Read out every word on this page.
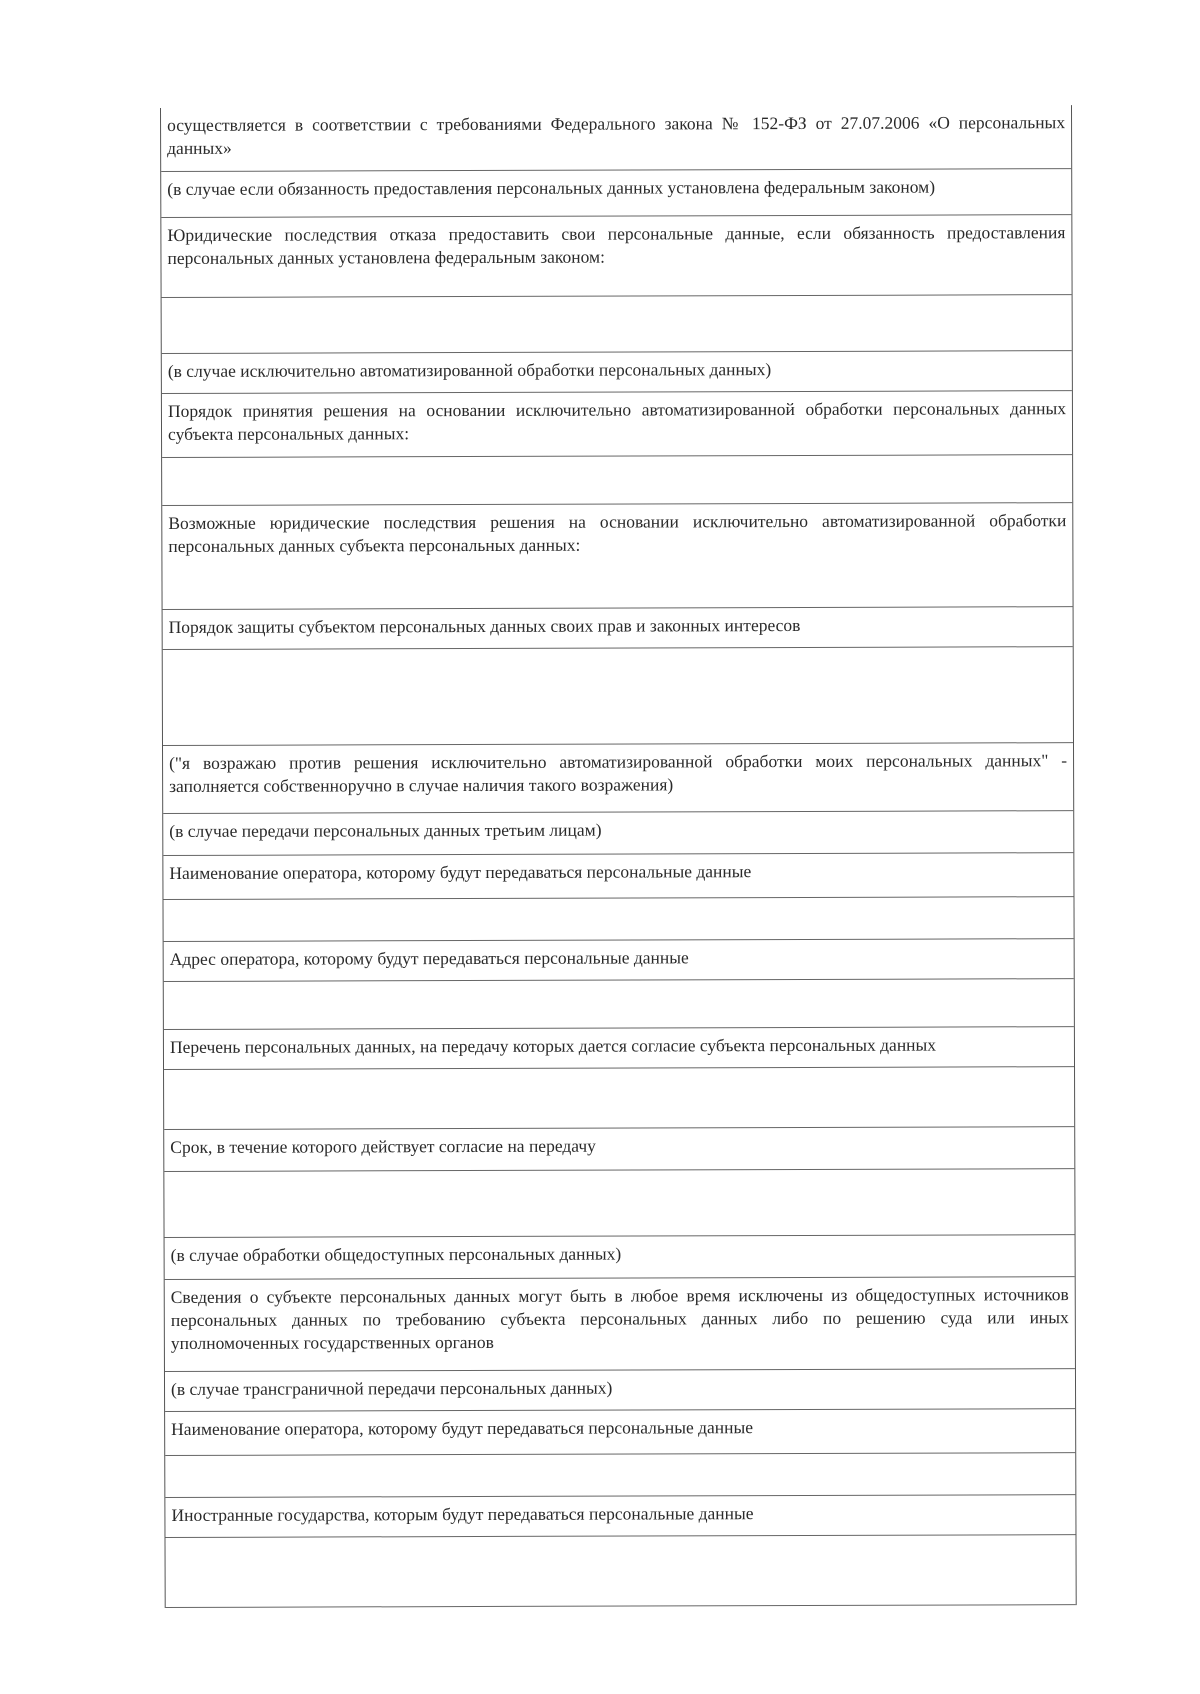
осуществляется в соответствии с требованиями Федерального закона № 152-ФЗ от 27.07.2006 «О персональных данных»

(в случае если обязанность предоставления персональных данных установлена федеральным законом)

Юридические последствия отказа предоставить свои персональные данные, если обязанность предоставления персональных данных установлена федеральным законом:

(в случае исключительно автоматизированной обработки персональных данных)

Порядок принятия решения на основании исключительно автоматизированной обработки персональных данных субъекта персональных данных:

Возможные юридические последствия решения на основании исключительно автоматизированной обработки персональных данных субъекта персональных данных:

Порядок защиты субъектом персональных данных своих прав и законных интересов

("я возражаю против решения исключительно автоматизированной обработки моих персональных данных" - заполняется собственноручно в случае наличия такого возражения)

(в случае передачи персональных данных третьим лицам)

Наименование оператора, которому будут передаваться персональные данные

Адрес оператора, которому будут передаваться персональные данные

Перечень персональных данных, на передачу которых дается согласие субъекта персональных данных

Срок, в течение которого действует согласие на передачу

(в случае обработки общедоступных персональных данных)

Сведения о субъекте персональных данных могут быть в любое время исключены из общедоступных источников персональных данных по требованию субъекта персональных данных либо по решению суда или иных уполномоченных государственных органов

(в случае трансграничной передачи персональных данных)

Наименование оператора, которому будут передаваться персональные данные

Иностранные государства, которым будут передаваться персональные данные
